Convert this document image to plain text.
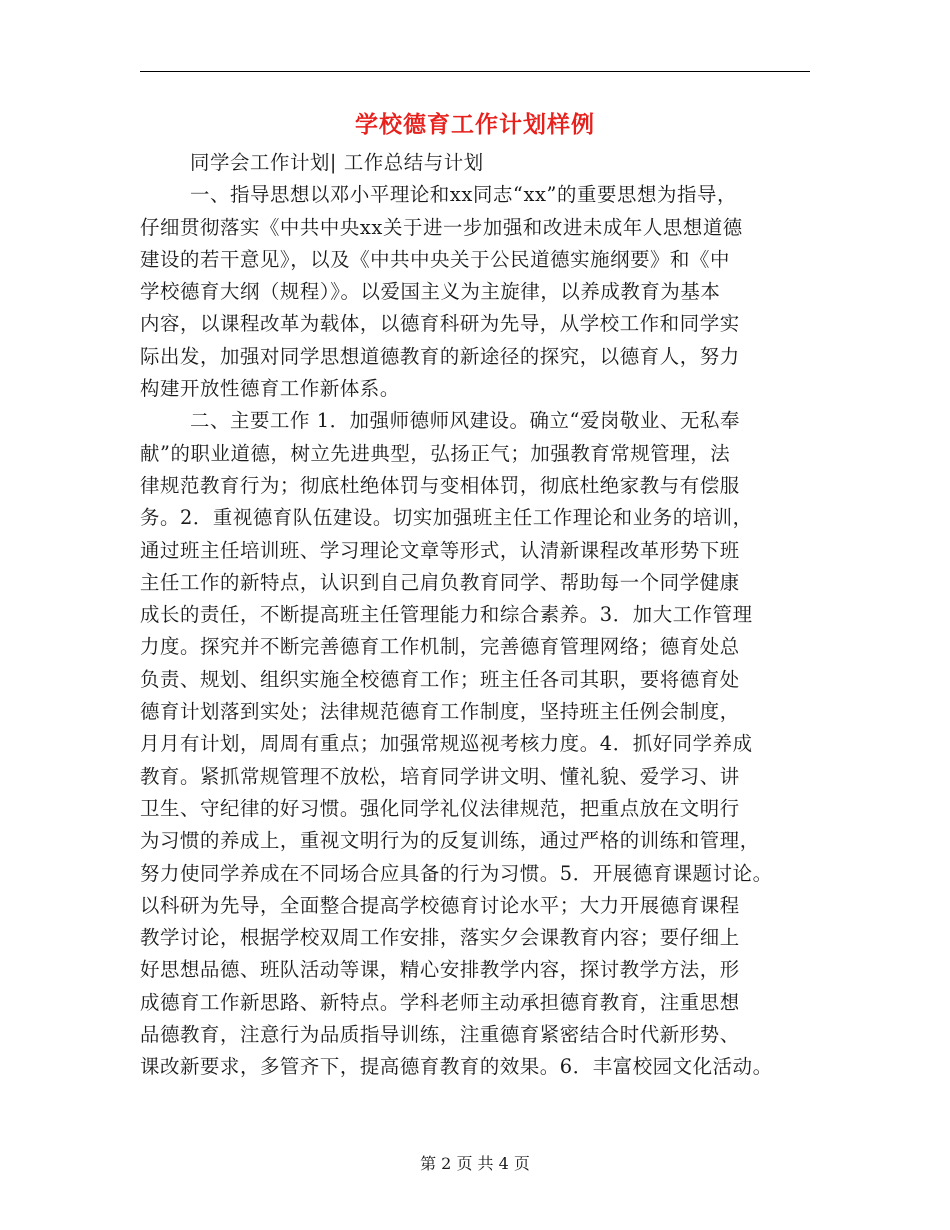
学校德育工作计划样例
同学会工作计划| 工作总结与计划
一、指导思想以邓小平理论和xx同志“xx”的重要思想为指导，
仔细贯彻落实《中共中央xx关于进一步加强和改进未成年人思想道德
建设的若干意见》，以及《中共中央关于公民道德实施纲要》和《中
学校德育大纲（规程）》。以爱国主义为主旋律，以养成教育为基本
内容，以课程改革为载体，以德育科研为先导，从学校工作和同学实
际出发，加强对同学思想道德教育的新途径的探究，以德育人，努力
构建开放性德育工作新体系。
二、主要工作 1．加强师德师风建设。确立“爱岗敬业、无私奉
献”的职业道德，树立先进典型，弘扬正气；加强教育常规管理，法
律规范教育行为；彻底杜绝体罚与变相体罚，彻底杜绝家教与有偿服
务。2．重视德育队伍建设。切实加强班主任工作理论和业务的培训，
通过班主任培训班、学习理论文章等形式，认清新课程改革形势下班
主任工作的新特点，认识到自己肩负教育同学、帮助每一个同学健康
成长的责任，不断提高班主任管理能力和综合素养。3．加大工作管理
力度。探究并不断完善德育工作机制，完善德育管理网络；德育处总
负责、规划、组织实施全校德育工作；班主任各司其职，要将德育处
德育计划落到实处；法律规范德育工作制度，坚持班主任例会制度，
月月有计划，周周有重点；加强常规巡视考核力度。4．抓好同学养成
教育。紧抓常规管理不放松，培育同学讲文明、懂礼貌、爱学习、讲
卫生、守纪律的好习惯。强化同学礼仪法律规范，把重点放在文明行
为习惯的养成上，重视文明行为的反复训练，通过严格的训练和管理，
努力使同学养成在不同场合应具备的行为习惯。5．开展德育课题讨论。
以科研为先导，全面整合提高学校德育讨论水平；大力开展德育课程
教学讨论，根据学校双周工作安排，落实夕会课教育内容；要仔细上
好思想品德、班队活动等课，精心安排教学内容，探讨教学方法，形
成德育工作新思路、新特点。学科老师主动承担德育教育，注重思想
品德教育，注意行为品质指导训练，注重德育紧密结合时代新形势、
课改新要求，多管齐下，提高德育教育的效果。6．丰富校园文化活动。
第 2 页 共 4 页
